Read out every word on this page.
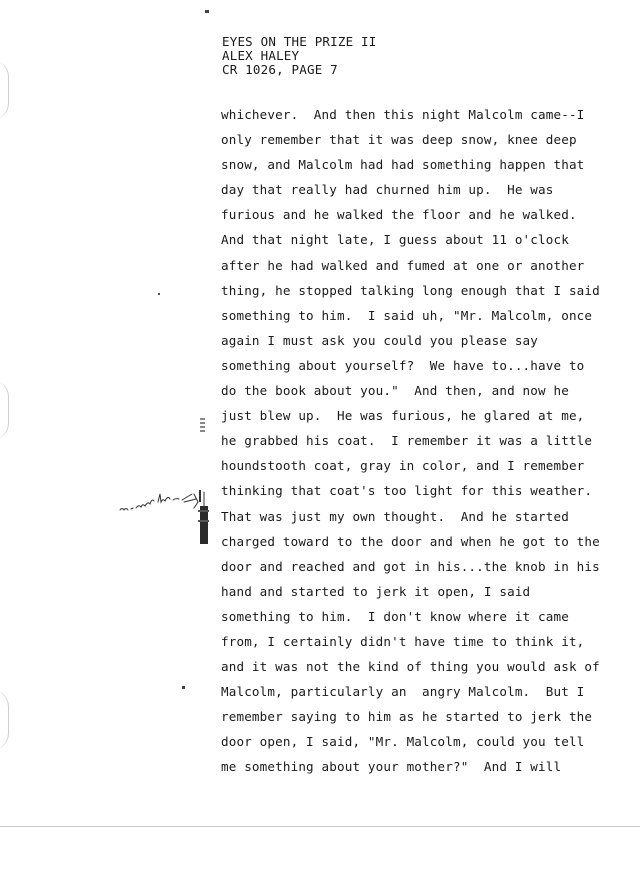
EYES ON THE PRIZE II
ALEX HALEY
CR 1026, PAGE 7
whichever.  And then this night Malcolm came--I
only remember that it was deep snow, knee deep
snow, and Malcolm had had something happen that
day that really had churned him up.  He was
furious and he walked the floor and he walked.
And that night late, I guess about 11 o'clock
after he had walked and fumed at one or another
thing, he stopped talking long enough that I said
something to him.  I said uh, "Mr. Malcolm, once
again I must ask you could you please say
something about yourself?  We have to...have to
do the book about you."  And then, and now he
just blew up.  He was furious, he glared at me,
he grabbed his coat.  I remember it was a little
houndstooth coat, gray in color, and I remember
thinking that coat's too light for this weather.
That was just my own thought.  And he started
charged toward to the door and when he got to the
door and reached and got in his...the knob in his
hand and started to jerk it open, I said
something to him.  I don't know where it came
from, I certainly didn't have time to think it,
and it was not the kind of thing you would ask of
Malcolm, particularly an  angry Malcolm.  But I
remember saying to him as he started to jerk the
door open, I said, "Mr. Malcolm, could you tell
me something about your mother?"  And I will
